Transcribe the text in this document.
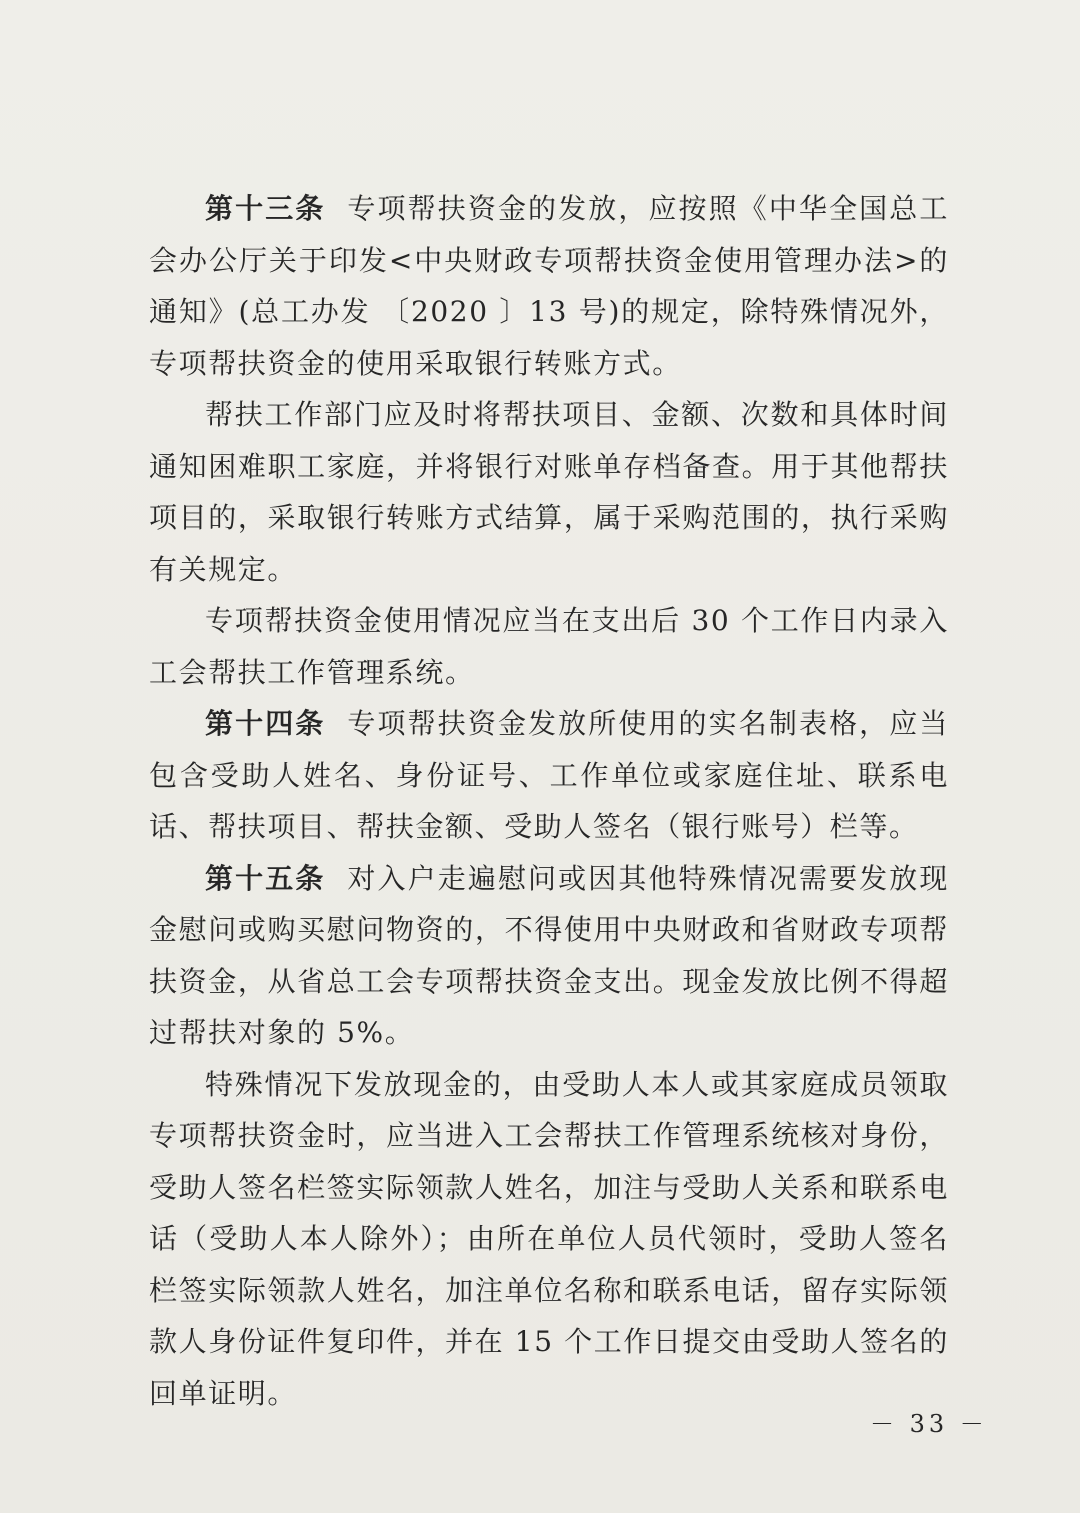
第十三条 专项帮扶资金的发放，应按照《中华全国总工会办公厅关于印发<中央财政专项帮扶资金使用管理办法>的通知》(总工办发 〔2020 〕13 号)的规定，除特殊情况外，专项帮扶资金的使用采取银行转账方式。

帮扶工作部门应及时将帮扶项目、金额、次数和具体时间通知困难职工家庭，并将银行对账单存档备查。用于其他帮扶项目的，采取银行转账方式结算，属于采购范围的，执行采购有关规定。

专项帮扶资金使用情况应当在支出后 30 个工作日内录入工会帮扶工作管理系统。

第十四条 专项帮扶资金发放所使用的实名制表格，应当包含受助人姓名、身份证号、工作单位或家庭住址、联系电话、帮扶项目、帮扶金额、受助人签名（银行账号）栏等。

第十五条 对入户走遍慰问或因其他特殊情况需要发放现金慰问或购买慰问物资的，不得使用中央财政和省财政专项帮扶资金，从省总工会专项帮扶资金支出。现金发放比例不得超过帮扶对象的 5%。

特殊情况下发放现金的，由受助人本人或其家庭成员领取专项帮扶资金时，应当进入工会帮扶工作管理系统核对身份，受助人签名栏签实际领款人姓名，加注与受助人关系和联系电话（受助人本人除外）；由所在单位人员代领时，受助人签名栏签实际领款人姓名，加注单位名称和联系电话，留存实际领款人身份证件复印件，并在 15 个工作日提交由受助人签名的回单证明。

－ 33 －
